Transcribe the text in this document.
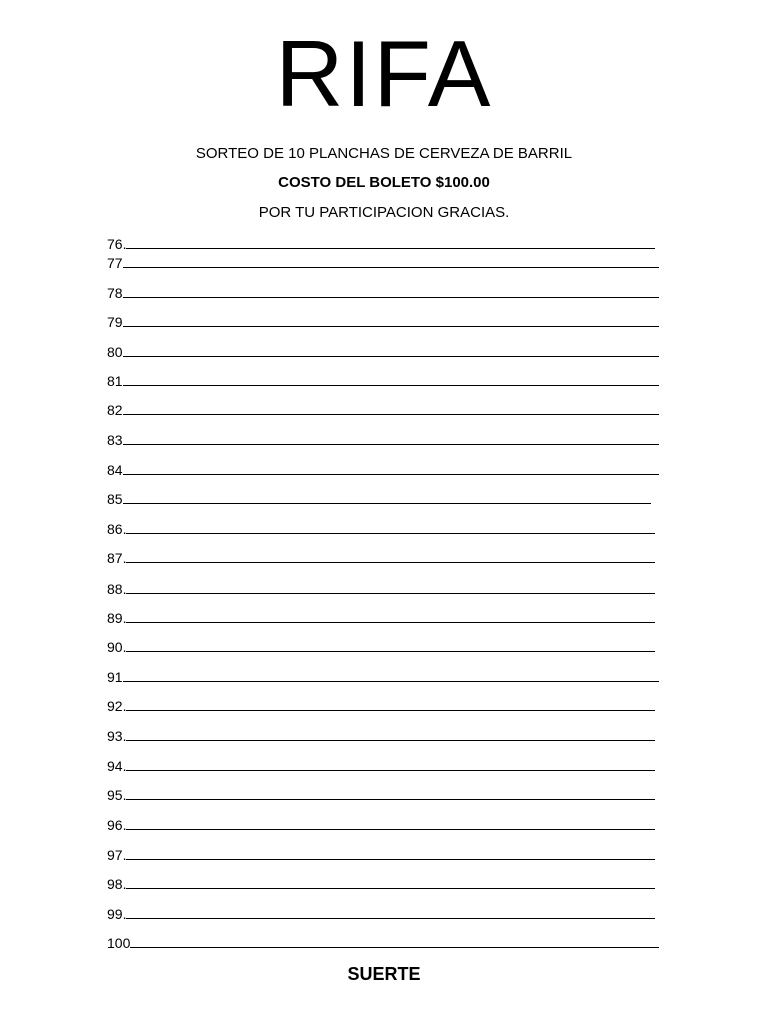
RIFA
SORTEO DE 10 PLANCHAS DE CERVEZA DE BARRIL
COSTO DEL BOLETO $100.00
POR TU PARTICIPACION GRACIAS.
76.
77
78
79
80
81
82
83
84
85
86.
87.
88.
89.
90.
91
92.
93.
94.
95.
96.
97.
98.
99.
100
SUERTE
